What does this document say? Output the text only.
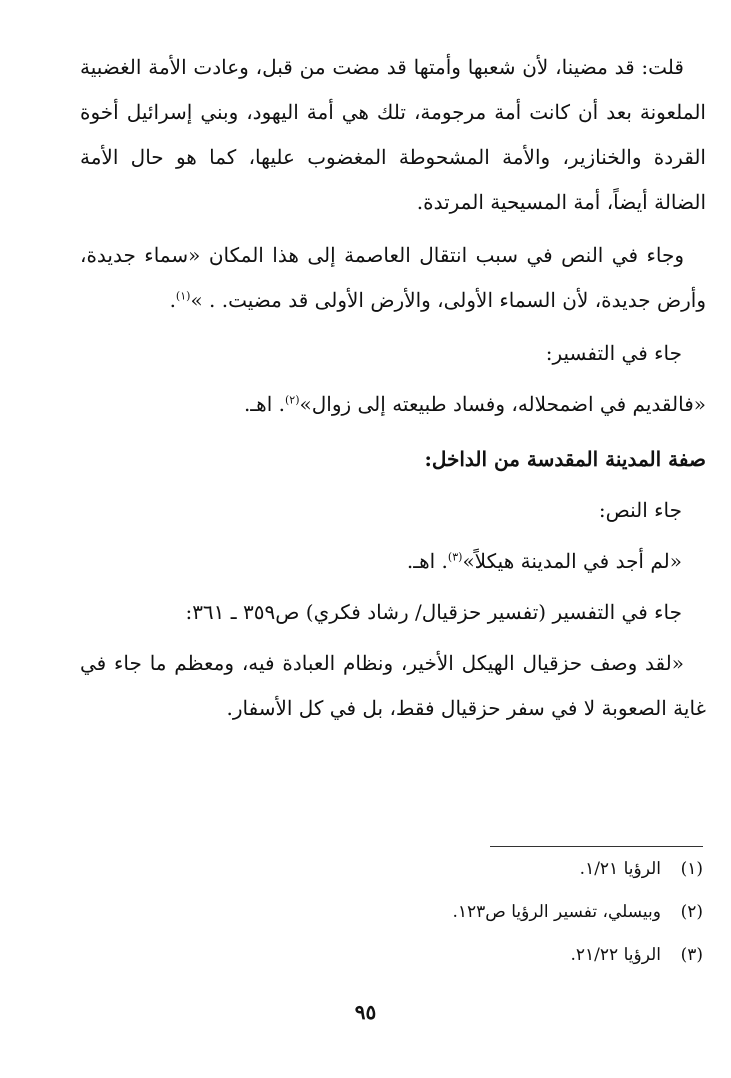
قلت: قد مضينا، لأن شعبها وأمتها قد مضت من قبل، وعادت الأمة الغضبية الملعونة بعد أن كانت أمة مرجومة، تلك هي أمة اليهود، وبني إسرائيل أخوة القردة والخنازير، والأمة المشحوطة المغضوب عليها، كما هو حال الأمة الضالة أيضاً، أمة المسيحية المرتدة.

وجاء في النص في سبب انتقال العاصمة إلى هذا المكان «سماء جديدة، وأرض جديدة، لأن السماء الأولى، والأرض الأولى قد مضيت. . »$^{(١)}$.

جاء في التفسير:

«فالقديم في اضمحلاله، وفساد طبيعته إلى زوال»$^{(٢)}$. اهـ.

صفة المدينة المقدسة من الداخل:

جاء النص:

«لم أجد في المدينة هيكلاً»$^{(٣)}$. اهـ.

جاء في التفسير (تفسير حزقيال/ رشاد فكري) ص٣٥٩ ـ ٣٦١:

«لقد وصف حزقيال الهيكل الأخير، ونظام العبادة فيه، ومعظم ما جاء في غاية الصعوبة لا في سفر حزقيال فقط، بل في كل الأسفار.

(١)الرؤيا ١/٢١.
(٢)وبيسلي، تفسير الرؤيا ص١٢٣.
(٣)الرؤيا ٢١/٢٢.
٩٥
